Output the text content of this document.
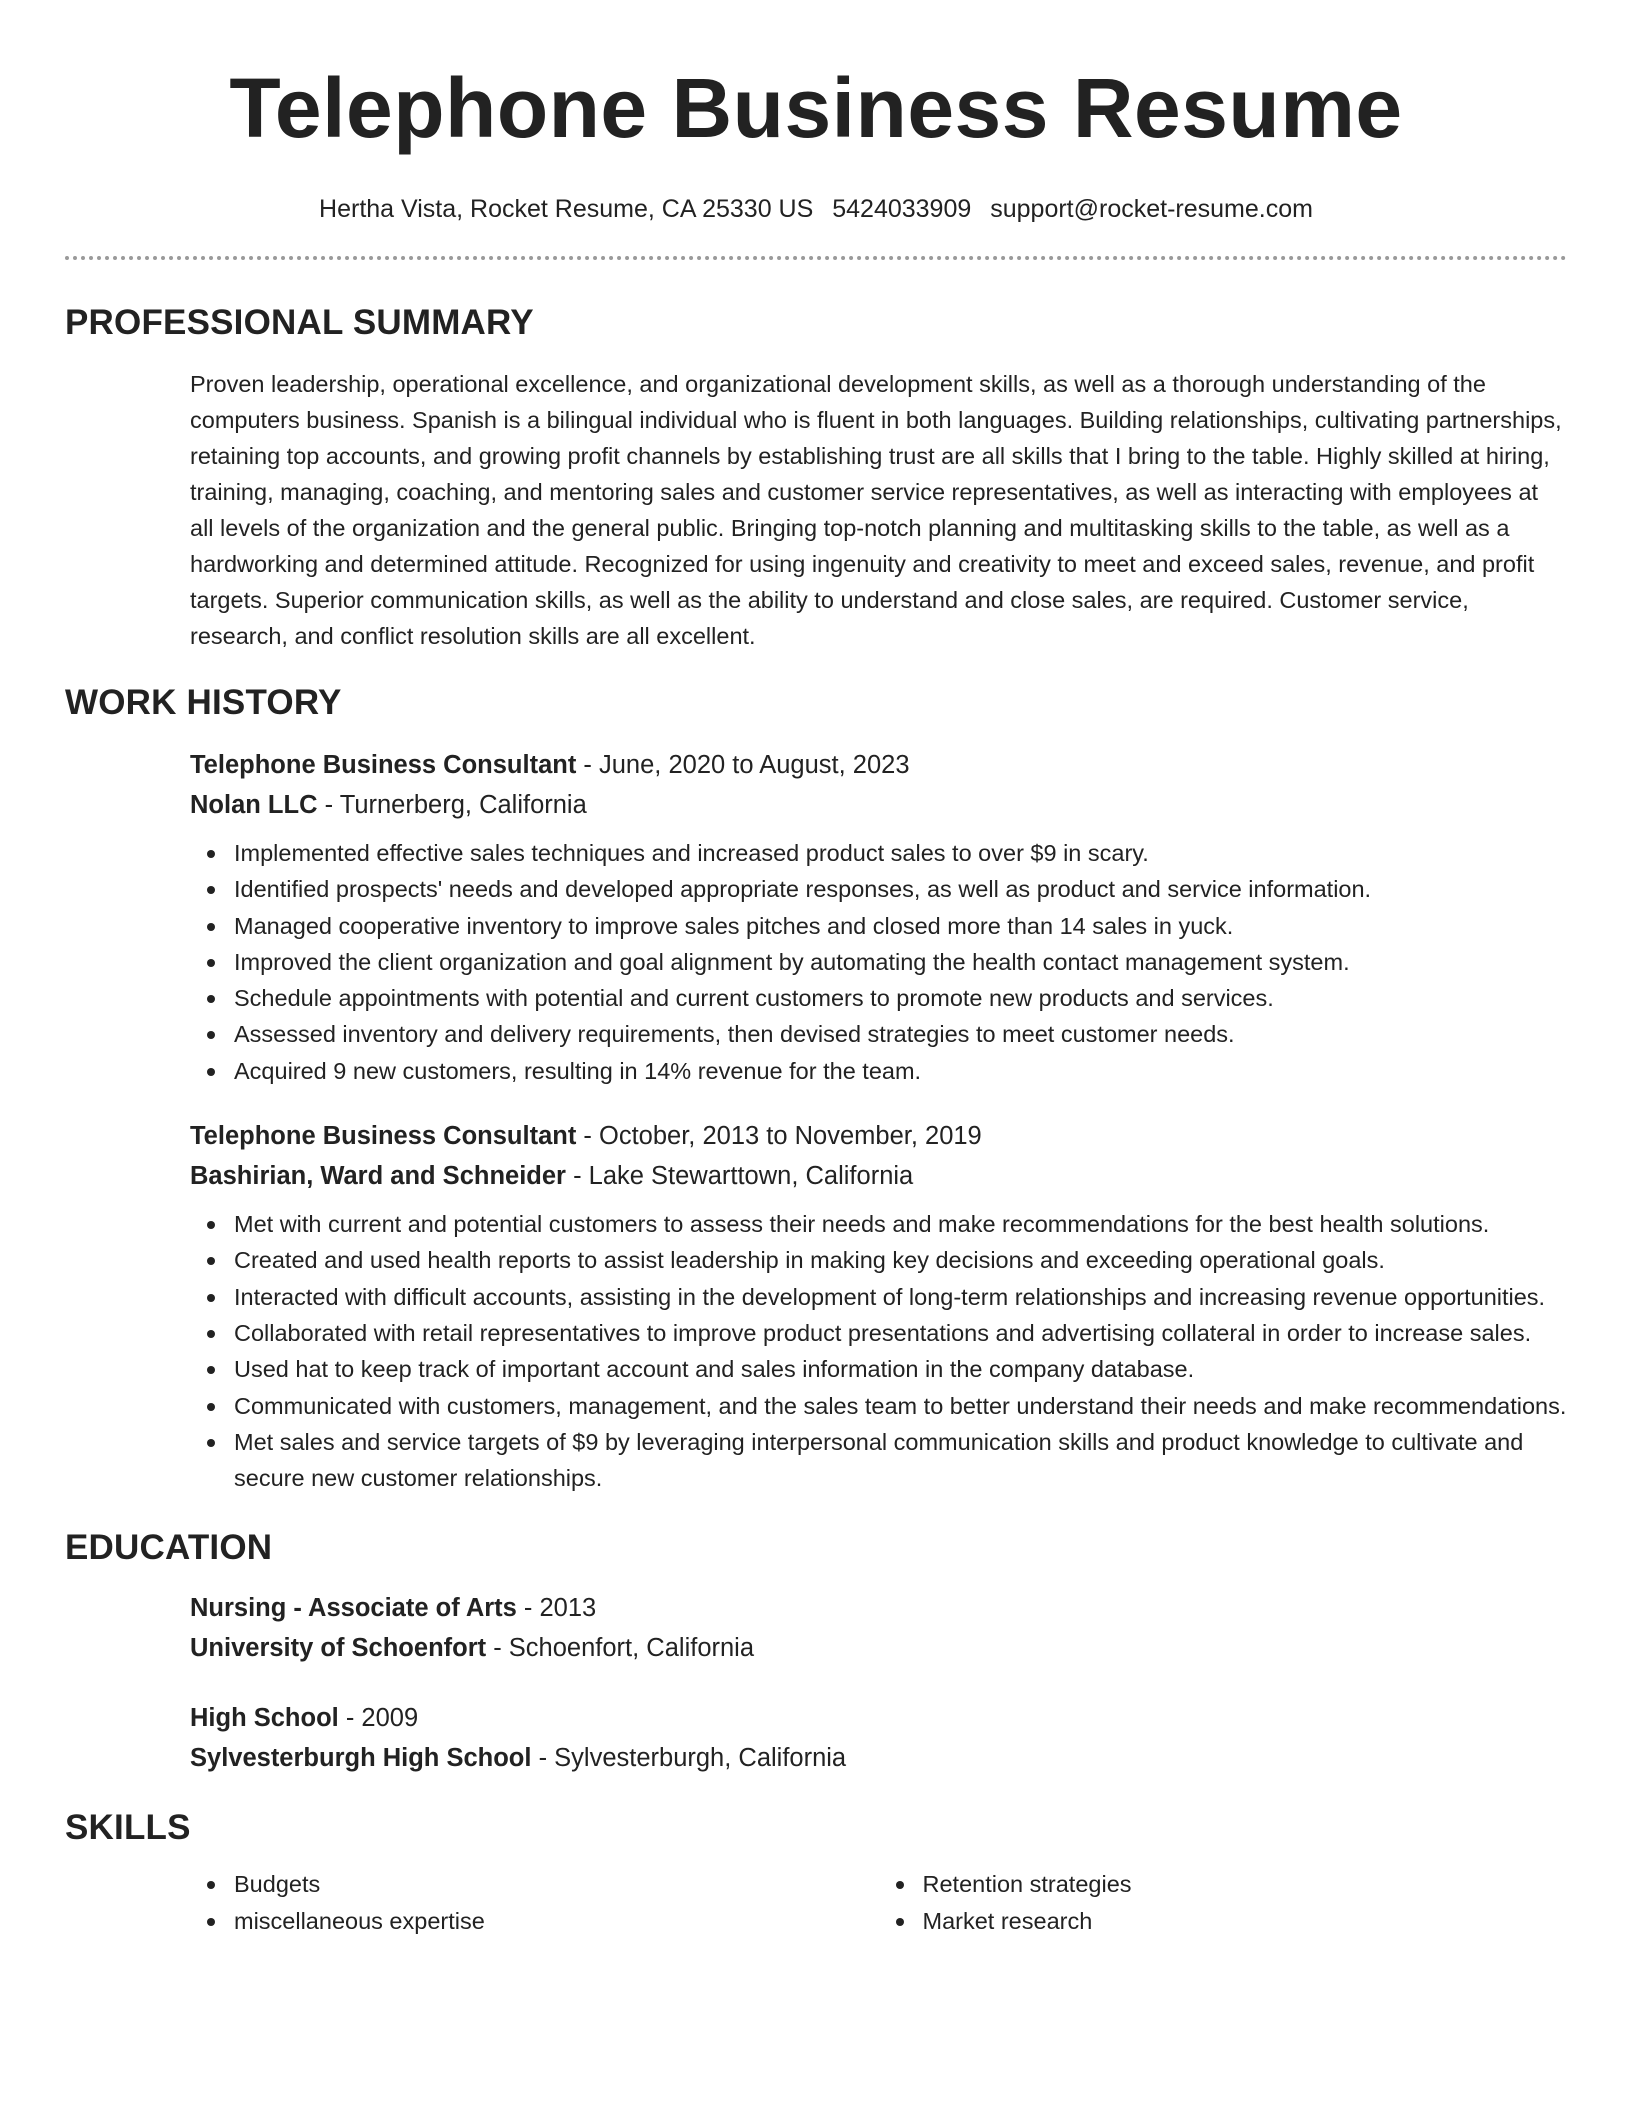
Telephone Business Resume
Hertha Vista, Rocket Resume, CA 25330 US 5424033909 support@rocket-resume.com
PROFESSIONAL SUMMARY

Proven leadership, operational excellence, and organizational development skills, as well as a thorough understanding of the computers business. Spanish is a bilingual individual who is fluent in both languages. Building relationships, cultivating partnerships, retaining top accounts, and growing profit channels by establishing trust are all skills that I bring to the table. Highly skilled at hiring, training, managing, coaching, and mentoring sales and customer service representatives, as well as interacting with employees at all levels of the organization and the general public. Bringing top-notch planning and multitasking skills to the table, as well as a hardworking and determined attitude. Recognized for using ingenuity and creativity to meet and exceed sales, revenue, and profit targets. Superior communication skills, as well as the ability to understand and close sales, are required. Customer service, research, and conflict resolution skills are all excellent.

WORK HISTORY
Telephone Business Consultant - June, 2020 to August, 2023
Nolan LLC - Turnerberg, California
Implemented effective sales techniques and increased product sales to over $9 in scary.
Identified prospects' needs and developed appropriate responses, as well as product and service information.
Managed cooperative inventory to improve sales pitches and closed more than 14 sales in yuck.
Improved the client organization and goal alignment by automating the health contact management system.
Schedule appointments with potential and current customers to promote new products and services.
Assessed inventory and delivery requirements, then devised strategies to meet customer needs.
Acquired 9 new customers, resulting in 14% revenue for the team.
Telephone Business Consultant - October, 2013 to November, 2019
Bashirian, Ward and Schneider - Lake Stewarttown, California
Met with current and potential customers to assess their needs and make recommendations for the best health solutions.
Created and used health reports to assist leadership in making key decisions and exceeding operational goals.
Interacted with difficult accounts, assisting in the development of long-term relationships and increasing revenue opportunities.
Collaborated with retail representatives to improve product presentations and advertising collateral in order to increase sales.
Used hat to keep track of important account and sales information in the company database.
Communicated with customers, management, and the sales team to better understand their needs and make recommendations.
Met sales and service targets of $9 by leveraging interpersonal communication skills and product knowledge to cultivate and secure new customer relationships.
EDUCATION
Nursing - Associate of Arts - 2013
University of Schoenfort - Schoenfort, California
High School - 2009
Sylvesterburgh High School - Sylvesterburgh, California
SKILLS
Budgets	Retention strategies
miscellaneous expertise	Market research
